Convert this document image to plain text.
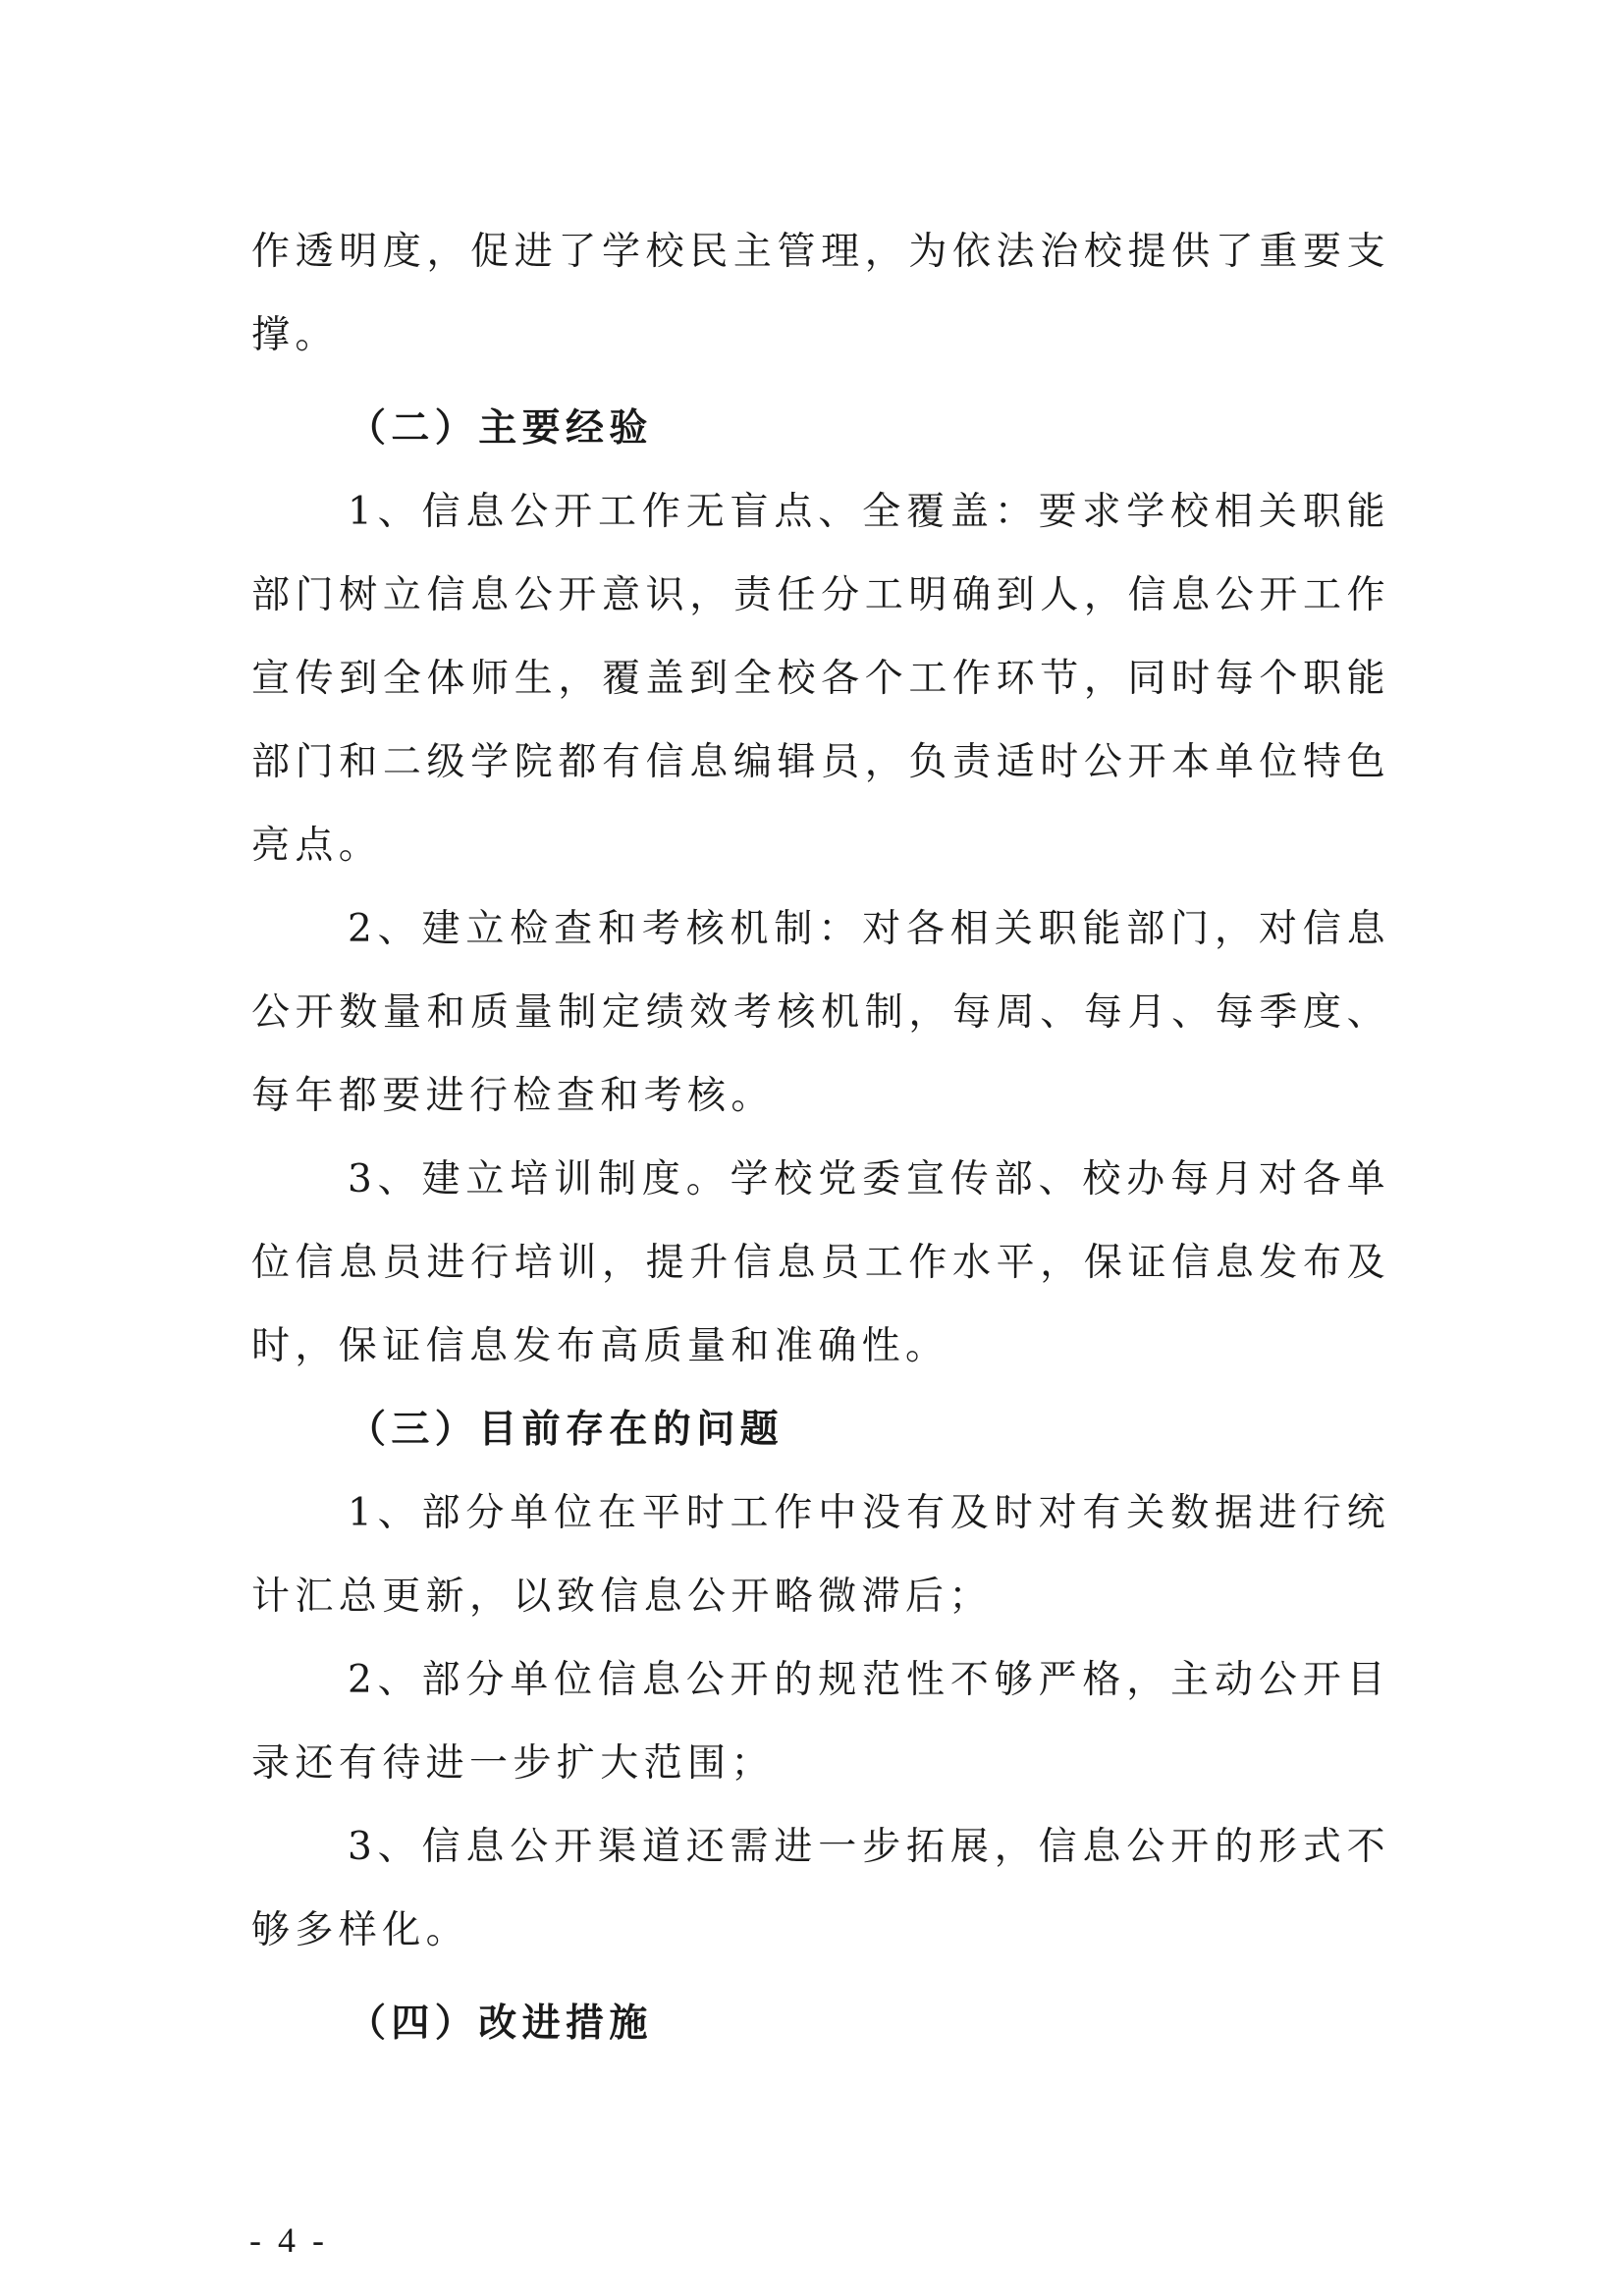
作透明度，促进了学校民主管理，为依法治校提供了重要支撑。

（二）主要经验

1、信息公开工作无盲点、全覆盖：要求学校相关职能部门树立信息公开意识，责任分工明确到人，信息公开工作宣传到全体师生，覆盖到全校各个工作环节，同时每个职能部门和二级学院都有信息编辑员，负责适时公开本单位特色亮点。

2、建立检查和考核机制：对各相关职能部门，对信息公开数量和质量制定绩效考核机制，每周、每月、每季度、每年都要进行检查和考核。

3、建立培训制度。学校党委宣传部、校办每月对各单位信息员进行培训，提升信息员工作水平，保证信息发布及时，保证信息发布高质量和准确性。

（三）目前存在的问题

1、部分单位在平时工作中没有及时对有关数据进行统计汇总更新，以致信息公开略微滞后；

2、部分单位信息公开的规范性不够严格，主动公开目录还有待进一步扩大范围；

3、信息公开渠道还需进一步拓展，信息公开的形式不够多样化。

（四）改进措施

- 4 -
